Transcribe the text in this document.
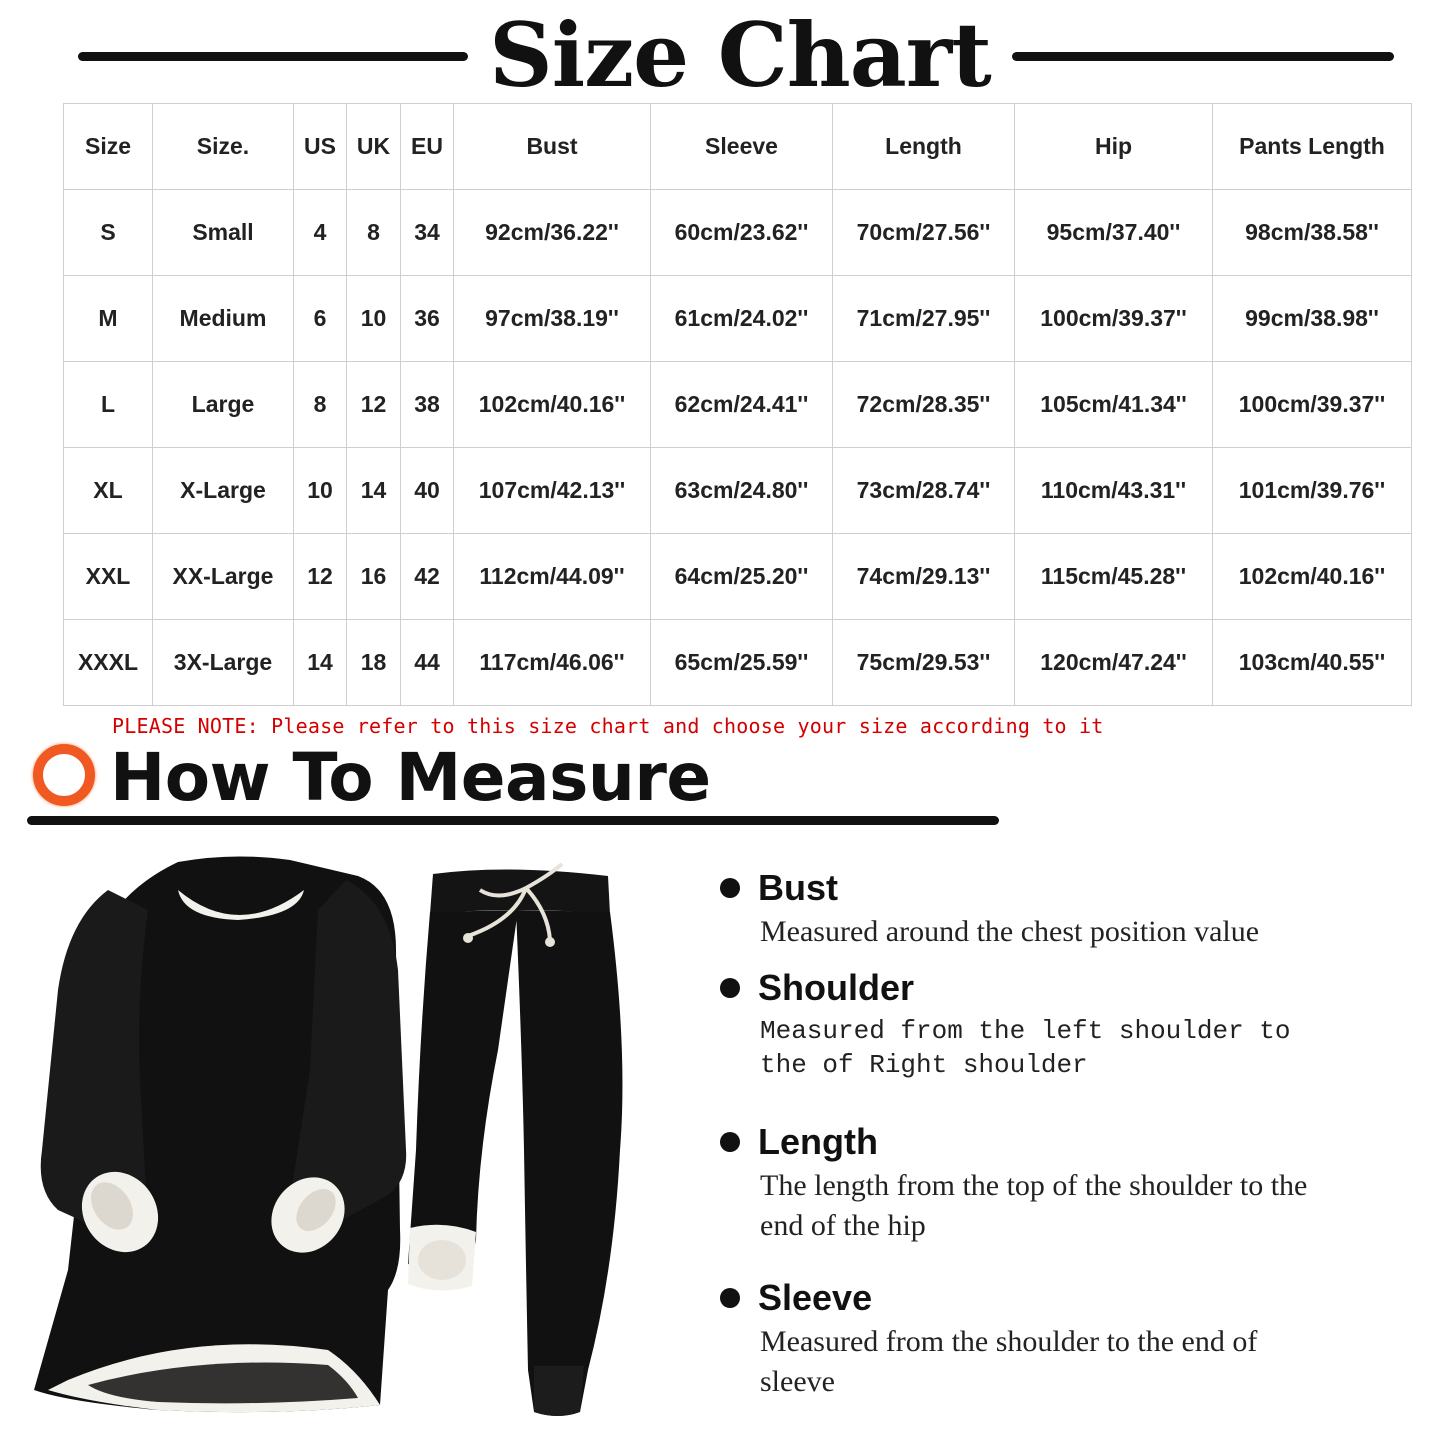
Size Chart
Size	Size.	US	UK	EU	Bust	Sleeve	Length	Hip	Pants Length
S	Small	4	8	34	92cm/36.22''	60cm/23.62''	70cm/27.56''	95cm/37.40''	98cm/38.58''
M	Medium	6	10	36	97cm/38.19''	61cm/24.02''	71cm/27.95''	100cm/39.37''	99cm/38.98''
L	Large	8	12	38	102cm/40.16''	62cm/24.41''	72cm/28.35''	105cm/41.34''	100cm/39.37''
XL	X-Large	10	14	40	107cm/42.13''	63cm/24.80''	73cm/28.74''	110cm/43.31''	101cm/39.76''
XXL	XX-Large	12	16	42	112cm/44.09''	64cm/25.20''	74cm/29.13''	115cm/45.28''	102cm/40.16''
XXXL	3X-Large	14	18	44	117cm/46.06''	65cm/25.59''	75cm/29.53''	120cm/47.24''	103cm/40.55''
PLEASE NOTE: Please refer to this size chart and choose your size according to it
How To Measure
Bust
Measured around the chest position value
Shoulder
Measured from the left shoulder to the of Right shoulder
Length
The length from the top of the shoulder to the end of the hip
Sleeve
Measured from the shoulder to the end of sleeve
